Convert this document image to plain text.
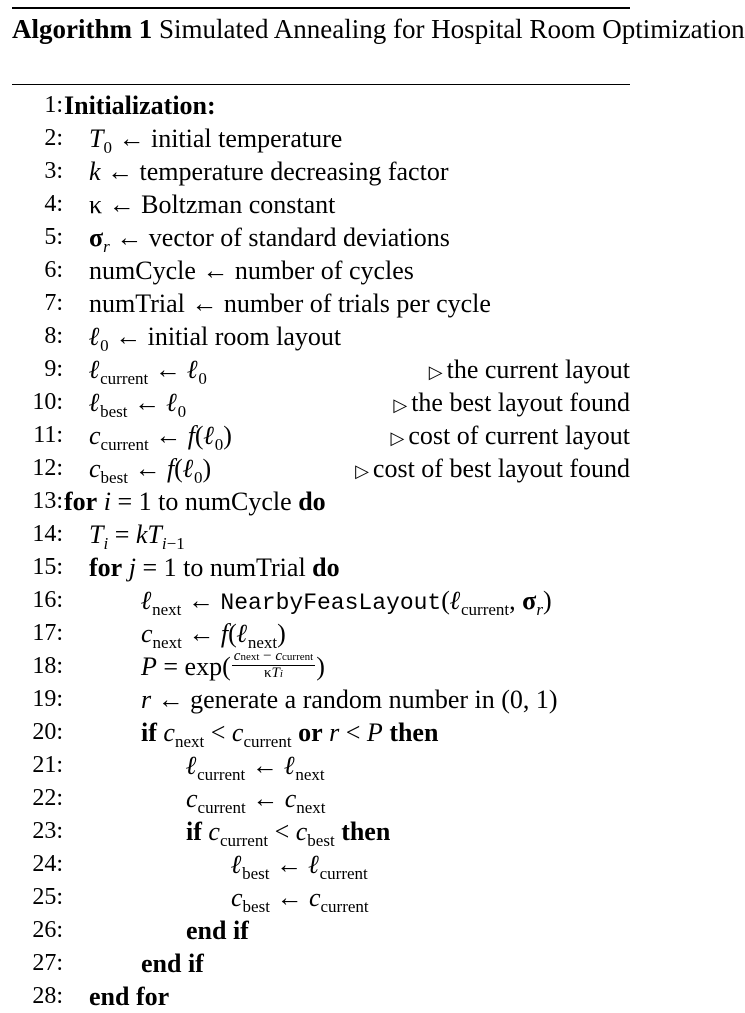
Algorithm 1 Simulated Annealing for Hospital Room Optimization
1: Initialization:
2: $T_0$ ← initial temperature
3: k ← temperature decreasing factor
4: κ ← Boltzman constant
5: $\sigma_r$ ← vector of standard deviations
6: numCycle ← number of cycles
7: numTrial ← number of trials per cycle
8: ℓ$_0$ ← initial room layout
9: ℓ$_{current}$ ← ℓ$_0$	▷ the current layout
10: ℓ$_{best}$ ← ℓ$_0$	▷ the best layout found
11: $c_{current}$ ← f(ℓ$_0$)	▷ cost of current layout
12: $c_{best}$ ← f(ℓ$_0$)	▷ cost of best layout found
13: for i = 1 to numCycle do
14: $T_i = kT_{i-1}$
15: for j = 1 to numTrial do
16:	ℓ$_{next}$ ← NearbyFeasLayout(ℓ$_{current}$, $\sigma_r$)
17:	$c_{next}$ ← f(ℓ$_{next}$)
18:	$P = \exp( \frac{\text{cnext − ccurrent}}{\text{κTi}}$ )
19:	r ← generate a random number in (0, 1)
20:	if $c_{next} < c_{current}$ or r < P then
21:	ℓ$_{current}$ ← ℓ$_{next}$
22:	$c_{current}$ ← $c_{next}$
23:	if $c_{current} < c_{best}$ then
24:	ℓ$_{best}$ ← ℓ$_{current}$
25:	$c_{best}$ ← $c_{current}$
26:	end if
27:	end if
28: end for
